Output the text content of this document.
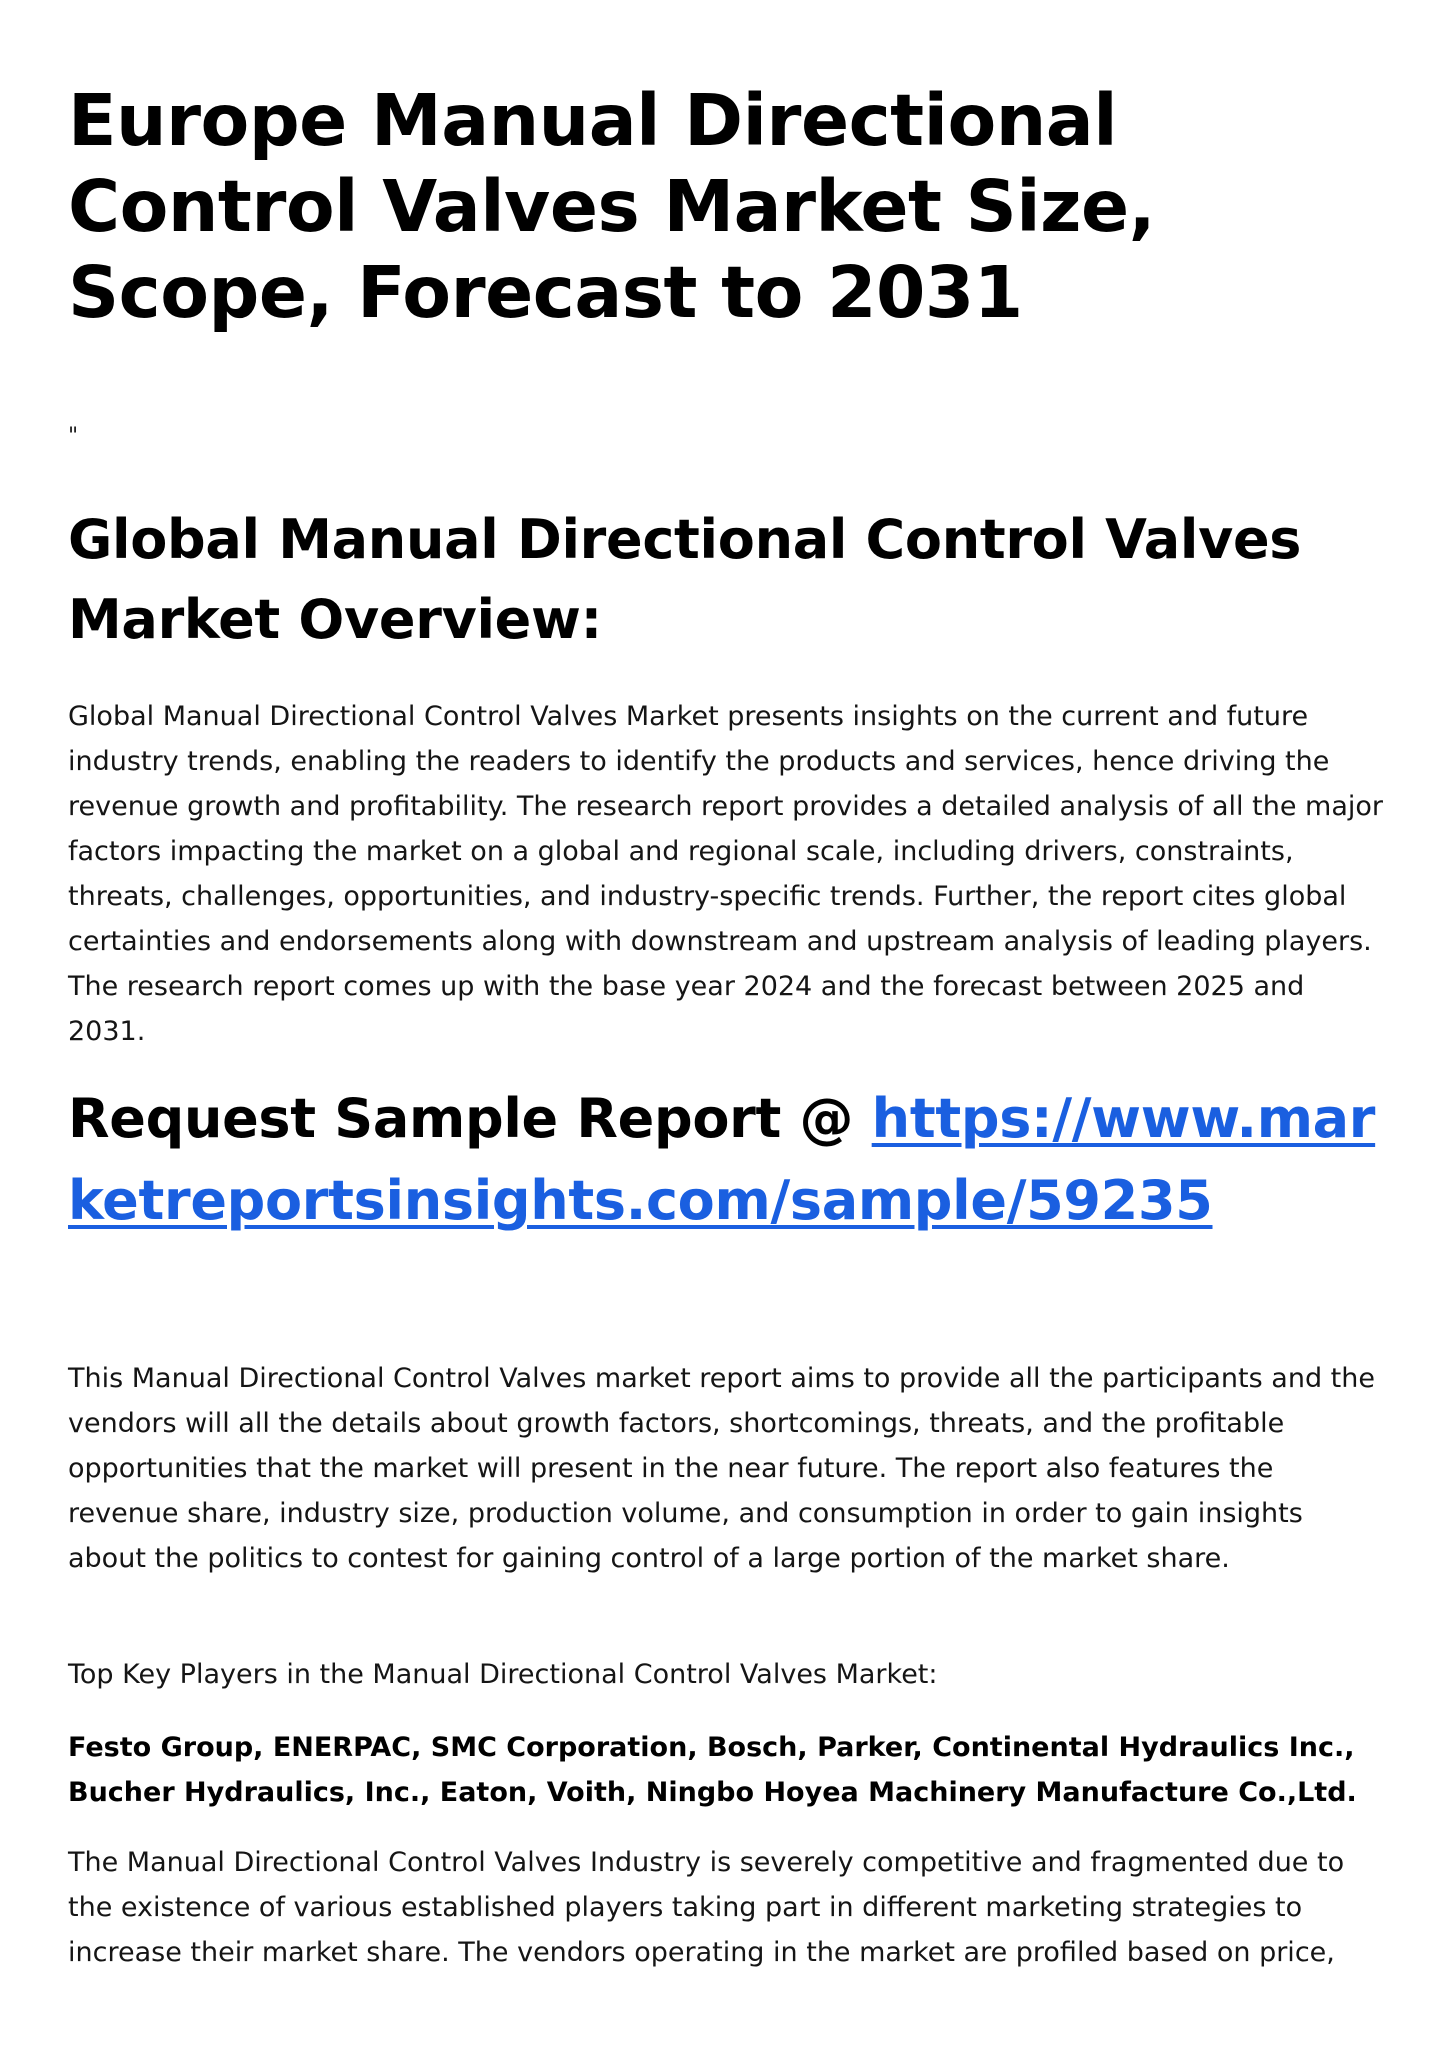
Europe Manual Directional Control Valves Market Size, Scope, Forecast to 2031
"
Global Manual Directional Control Valves Market Overview:

Global Manual Directional Control Valves Market presents insights on the current and future industry trends, enabling the readers to identify the products and services, hence driving the revenue growth and profitability. The research report provides a detailed analysis of all the major factors impacting the market on a global and regional scale, including drivers, constraints, threats, challenges, opportunities, and industry-specific trends. Further, the report cites global certainties and endorsements along with downstream and upstream analysis of leading players. The research report comes up with the base year 2024 and the forecast between 2025 and 2031.

Request Sample Report @ https://www.marketreportsinsights.com/sample/59235

This Manual Directional Control Valves market report aims to provide all the participants and the vendors will all the details about growth factors, shortcomings, threats, and the profitable opportunities that the market will present in the near future. The report also features the revenue share, industry size, production volume, and consumption in order to gain insights about the politics to contest for gaining control of a large portion of the market share.

Top Key Players in the Manual Directional Control Valves Market:

Festo Group, ENERPAC, SMC Corporation, Bosch, Parker, Continental Hydraulics Inc., Bucher Hydraulics, Inc., Eaton, Voith, Ningbo Hoyea Machinery Manufacture Co.,Ltd.

The Manual Directional Control Valves Industry is severely competitive and fragmented due to the existence of various established players taking part in different marketing strategies to increase their market share. The vendors operating in the market are profiled based on price,
